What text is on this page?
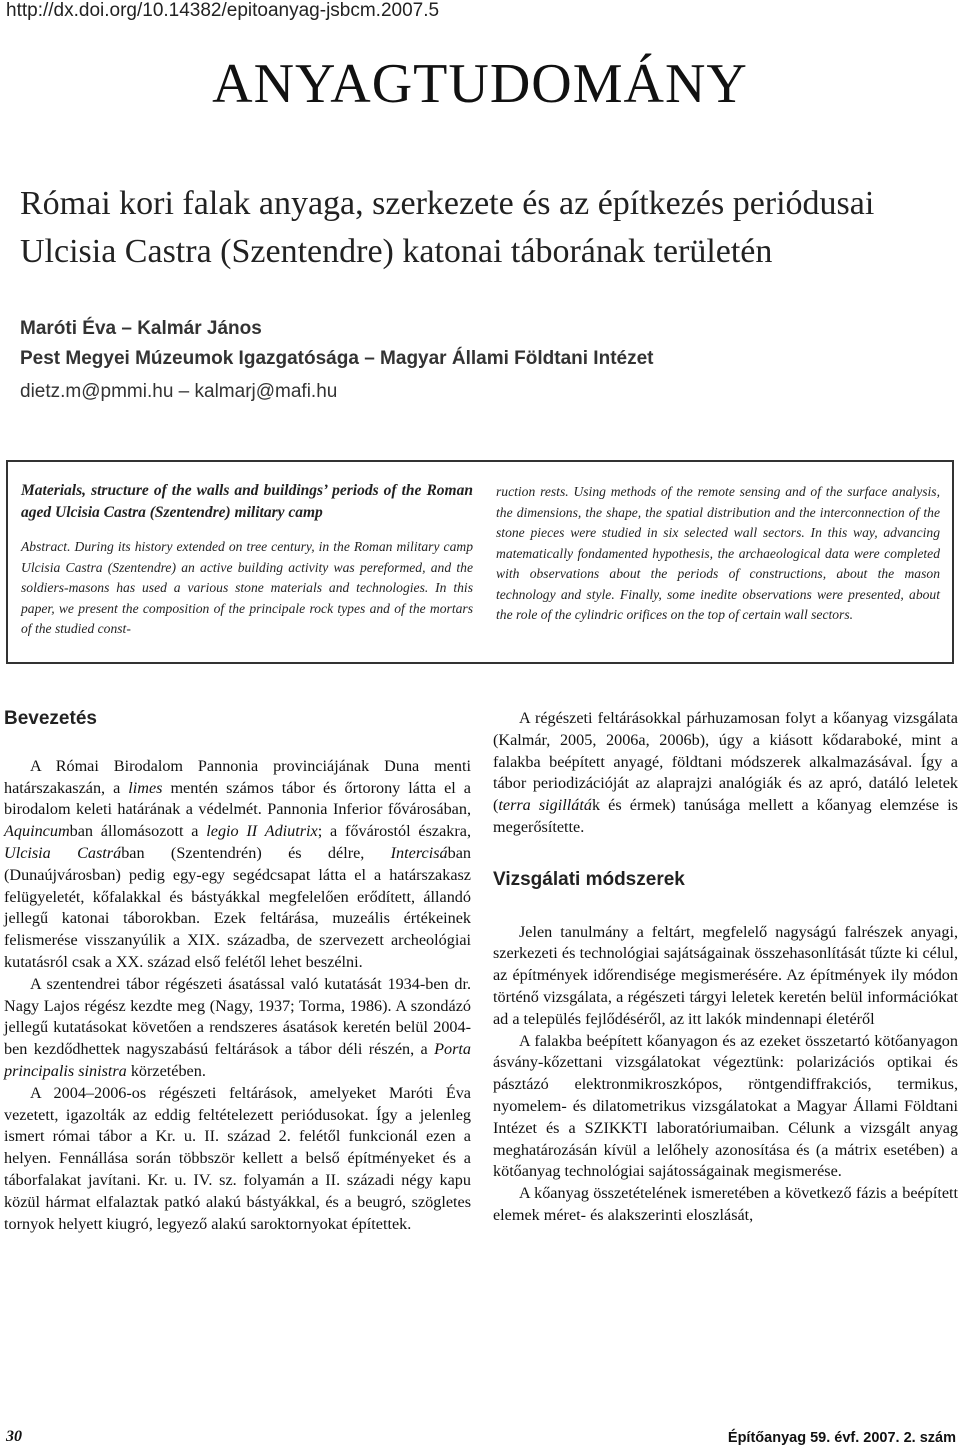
http://dx.doi.org/10.14382/epitoanyag-jsbcm.2007.5
ANYAGTUDOMÁNY
Római kori falak anyaga, szerkezete és az építkezés periódusai
Ulcisia Castra (Szentendre) katonai táborának területén
Maróti Éva – Kalmár János
Pest Megyei Múzeumok Igazgatósága – Magyar Állami Földtani Intézet
dietz.m@pmmi.hu – kalmarj@mafi.hu
Materials, structure of the walls and buildings’ periods of the Roman aged Ulcisia Castra (Szentendre) military camp
Abstract. During its history extended on tree century, in the Roman military camp Ulcisia Castra (Szentendre) an active building activity was pereformed, and the soldiers-masons has used a various stone materials and technologies. In this paper, we present the composition of the principale rock types and of the mortars of the studied const-
ruction rests. Using methods of the remote sensing and of the surface analysis, the dimensions, the shape, the spatial distribution and the interconnection of the stone pieces were studied in six selected wall sectors. In this way, advancing matematically fondamented hypothesis, the archaeological data were completed with observations about the periods of constructions, about the mason technology and style. Finally, some inedite observations were presented, about the role of the cylindric orifices on the top of certain wall sectors.
Bevezetés

A Római Birodalom Pannonia provinciájának Duna menti határszakaszán, a limes mentén számos tábor és őrtorony látta el a birodalom keleti határának a védelmét. Pannonia Inferior fővárosában, Aquincumban állomásozott a legio II Adiutrix; a fővárostól északra, Ulcisia Castrában (Szentendrén) és délre, Intercisában (Dunaújvárosban) pedig egy-egy segédcsapat látta el a határszakasz felügyeletét, kőfalakkal és bástyákkal megfelelően erődített, állandó jellegű katonai táborokban. Ezek feltárása, muzeális értékeinek felismerése visszanyúlik a XIX. századba, de szervezett archeológiai kutatásról csak a XX. század első felétől lehet beszélni.

A szentendrei tábor régészeti ásatással való kutatását 1934-ben dr. Nagy Lajos régész kezdte meg (Nagy, 1937; Torma, 1986). A szondázó jellegű kutatásokat követően a rendszeres ásatások keretén belül 2004-ben kezdődhettek nagyszabású feltárások a tábor déli részén, a Porta principalis sinistra körzetében.

A 2004–2006-os régészeti feltárások, amelyeket Maróti Éva vezetett, igazolták az eddig feltételezett periódusokat. Így a jelenleg ismert római tábor a Kr. u. II. század 2. felétől funkcionál ezen a helyen. Fennállása során többször kellett a belső építményeket és a táborfalakat javítani. Kr. u. IV. sz. folyamán a II. századi négy kapu közül hármat elfalaztak patkó alakú bástyákkal, és a beugró, szögletes tornyok helyett kiugró, legyező alakú saroktornyokat építettek.

A régészeti feltárásokkal párhuzamosan folyt a kőanyag vizsgálata (Kalmár, 2005, 2006a, 2006b), úgy a kiásott kődaraboké, mint a falakba beépített anyagé, földtani módszerek alkalmazásával. Így a tábor periodizációját az alaprajzi analógiák és az apró, datáló leletek (terra sigilláták és érmek) tanúsága mellett a kőanyag elemzése is megerősítette.

Vizsgálati módszerek

Jelen tanulmány a feltárt, megfelelő nagyságú falrészek anyagi, szerkezeti és technológiai sajátságainak összehasonlítását tűzte ki célul, az építmények időrendisége megismerésére. Az építmények ily módon történő vizsgálata, a régészeti tárgyi leletek keretén belül információkat ad a település fejlődéséről, az itt lakók mindennapi életéről

A falakba beépített kőanyagon és az ezeket összetartó kötőanyagon ásvány-kőzettani vizsgálatokat végeztünk: polarizációs optikai és pásztázó elektronmikroszkópos, röntgendiffrakciós, termikus, nyomelem- és dilatometrikus vizsgálatokat a Magyar Állami Földtani Intézet és a SZIKKTI laboratóriumaiban. Célunk a vizsgált anyag meghatározásán kívül a lelőhely azonosítása és (a mátrix esetében) a kötőanyag technológiai sajátosságainak megismerése.

A kőanyag összetételének ismeretében a következő fázis a beépített elemek méret- és alakszerinti eloszlását,

30	Építőanyag 59. évf. 2007. 2. szám
